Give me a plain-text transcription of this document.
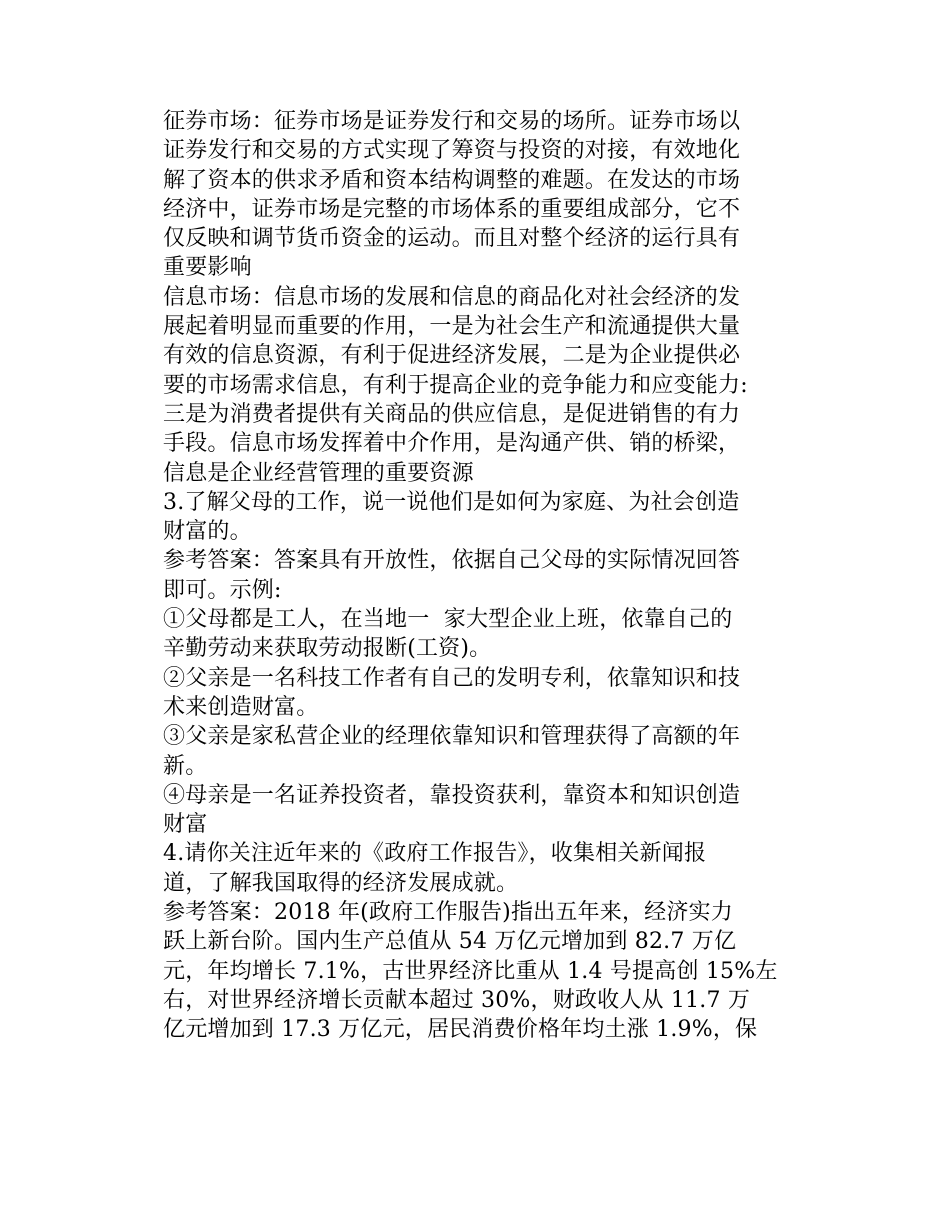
征券市场：征券市场是证券发行和交易的场所。证券市场以
证券发行和交易的方式实现了筹资与投资的对接，有效地化
解了资本的供求矛盾和资本结构调整的难题。在发达的市场
经济中，证券市场是完整的市场体系的重要组成部分，它不
仅反映和调节货币资金的运动。而且对整个经济的运行具有
重要影响
信息市场：信息市场的发展和信息的商品化对社会经济的发
展起着明显而重要的作用，一是为社会生产和流通提供大量
有效的信息资源，有利于促进经济发展，二是为企业提供必
要的市场需求信息，有利于提高企业的竞争能力和应变能力:
三是为消费者提供有关商品的供应信息，是促进销售的有力
手段。信息市场发挥着中介作用，是沟通产供、销的桥梁，
信息是企业经营管理的重要资源
3.了解父母的工作，说一说他们是如何为家庭、为社会创造
财富的。
参考答案：答案具有开放性，依据自己父母的实际情况回答
即可。示例:
①父母都是工人，在当地一  家大型企业上班，依靠自己的
辛勤劳动来获取劳动报断(工资)。
②父亲是一名科技工作者有自己的发明专利，依靠知识和技
术来创造财富。
③父亲是家私营企业的经理依靠知识和管理获得了高额的年
新。
④母亲是一名证养投资者，靠投资获利，靠资本和知识创造
财富
4.请你关注近年来的《政府工作报告》，收集相关新闻报
道，了解我国取得的经济发展成就。
参考答案：2018 年(政府工作服告)指出五年来，经济实力
跃上新台阶。国内生产总值从 54 万亿元增加到 82.7 万亿
元，年均增长 7.1%，古世界经济比重从 1.4 号提高创 15%左
右，对世界经济增长贡献本超过 30%，财政收人从 11.7 万
亿元增加到 17.3 万亿元，居民消费价格年均土涨 1.9%，保
